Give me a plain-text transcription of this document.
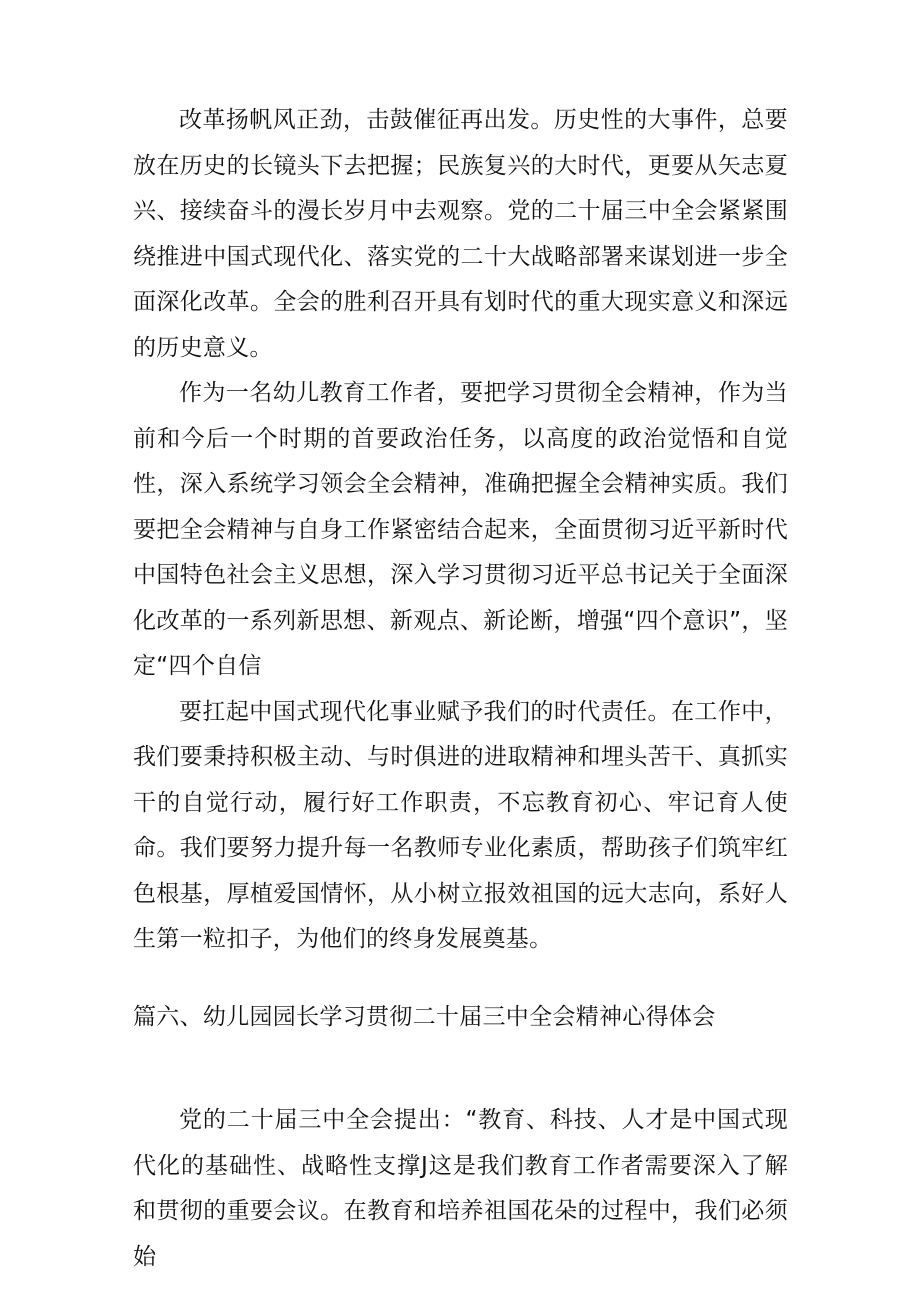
改革扬帆风正劲，击鼓催征再出发。历史性的大事件，总要放在历史的长镜头下去把握；民族复兴的大时代，更要从矢志夏兴、接续奋斗的漫长岁月中去观察。党的二十届三中全会紧紧围绕推进中国式现代化、落实党的二十大战略部署来谋划进一步全面深化改革。全会的胜利召开具有划时代的重大现实意义和深远的历史意义。

作为一名幼儿教育工作者，要把学习贯彻全会精神，作为当前和今后一个时期的首要政治任务，以高度的政治觉悟和自觉性，深入系统学习领会全会精神，准确把握全会精神实质。我们要把全会精神与自身工作紧密结合起来，全面贯彻习近平新时代中国特色社会主义思想，深入学习贯彻习近平总书记关于全面深化改革的一系列新思想、新观点、新论断，增强“四个意识”，坚定“四个自信

要扛起中国式现代化事业赋予我们的时代责任。在工作中，我们要秉持积极主动、与时俱进的进取精神和埋头苦干、真抓实干的自觉行动，履行好工作职责，不忘教育初心、牢记育人使命。我们要努力提升每一名教师专业化素质，帮助孩子们筑牢红色根基，厚植爱国情怀，从小树立报效祖国的远大志向，系好人生第一粒扣子，为他们的终身发展奠基。

篇六、幼儿园园长学习贯彻二十届三中全会精神心得体会

党的二十届三中全会提出：“教育、科技、人才是中国式现代化的基础性、战略性支撑J这是我们教育工作者需要深入了解和贯彻的重要会议。在教育和培养祖国花朵的过程中，我们必须始
